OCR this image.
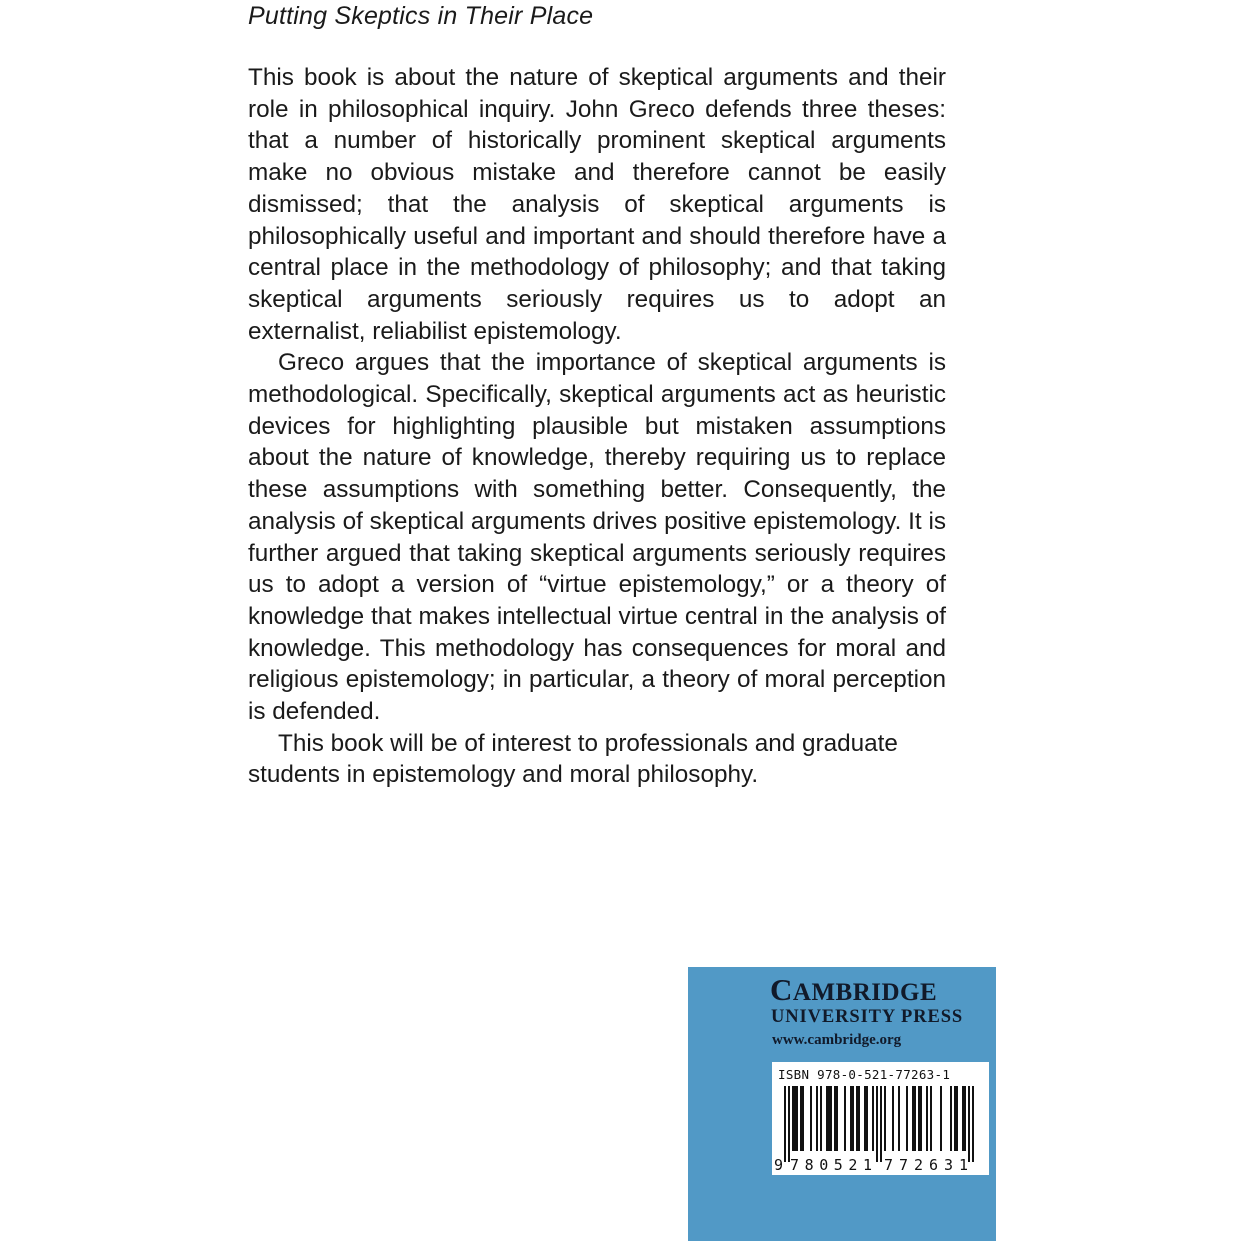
Putting Skeptics in Their Place

This book is about the nature of skeptical arguments and their role in philosophical inquiry. John Greco defends three theses: that a number of historically prominent skeptical arguments make no obvious mistake and therefore cannot be easily dismissed; that the analysis of skeptical arguments is philosophically useful and important and should therefore have a central place in the methodology of philosophy; and that taking skeptical arguments seriously requires us to adopt an externalist, reliabilist epistemology.

Greco argues that the importance of skeptical arguments is methodological. Specifically, skeptical arguments act as heuristic devices for highlighting plausible but mistaken assumptions about the nature of knowledge, thereby requiring us to replace these assumptions with something better. Consequently, the analysis of skeptical arguments drives positive epistemology. It is further argued that taking skeptical arguments seriously requires us to adopt a version of “virtue epistemology,” or a theory of knowledge that makes intellectual virtue central in the analysis of knowledge. This methodology has consequences for moral and religious epistemology; in particular, a theory of moral perception is defended.

This book will be of interest to professionals and graduate students in epistemology and moral philosophy.

CAMBRIDGE
UNIVERSITY PRESS
www.cambridge.org
ISBN 978-0-521-77263-1
9 780521 772631
